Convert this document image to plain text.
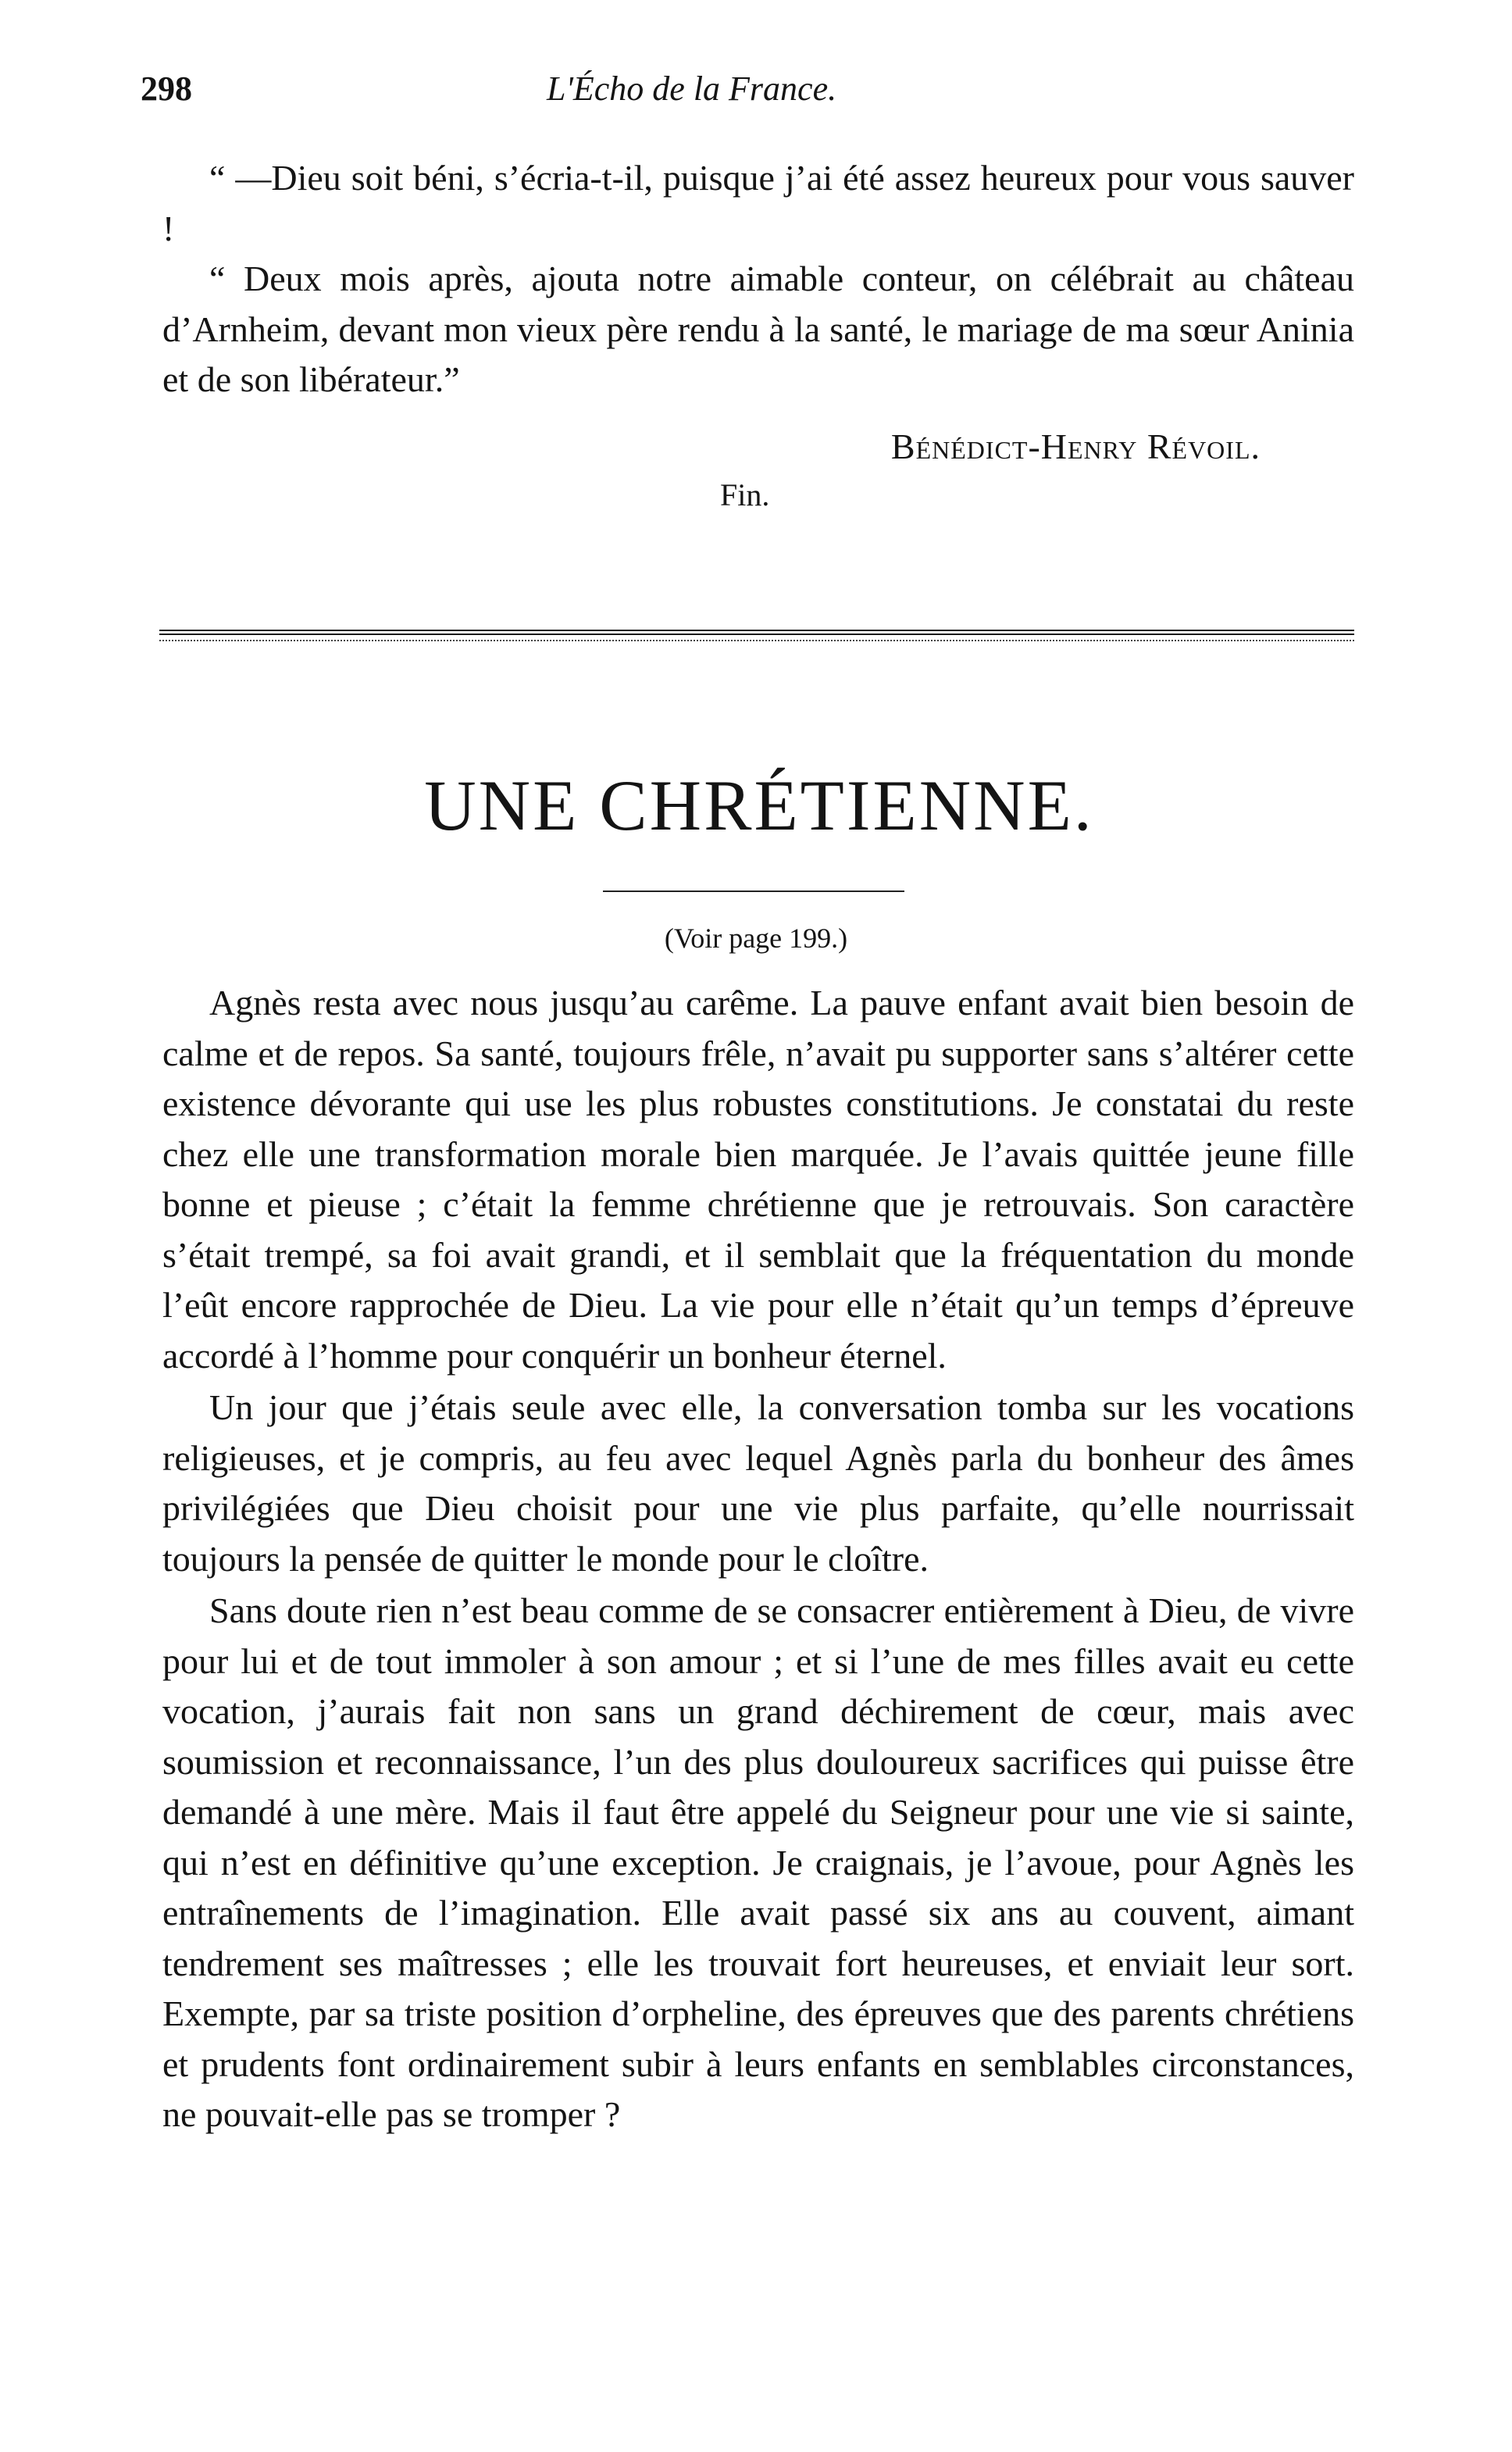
298	L'Écho de la France.

“ —Dieu soit béni, s’écria-t-il, puisque j’ai été assez heureux pour vous sauver !

“ Deux mois après, ajouta notre aimable conteur, on célébrait au château d’Arnheim, devant mon vieux père rendu à la santé, le mariage de ma sœur Aninia et de son libérateur.”

Bénédict-Henry Révoil.
Fin.
UNE CHRÉTIENNE.
(Voir page 199.)

Agnès resta avec nous jusqu’au carême. La pauve enfant avait bien besoin de calme et de repos. Sa santé, toujours frêle, n’avait pu supporter sans s’altérer cette existence dévorante qui use les plus robustes constitutions. Je constatai du reste chez elle une transformation morale bien marquée. Je l’avais quittée jeune fille bonne et pieuse ; c’était la femme chrétienne que je retrouvais. Son caractère s’était trempé, sa foi avait grandi, et il semblait que la fréquentation du monde l’eût encore rapprochée de Dieu. La vie pour elle n’était qu’un temps d’épreuve accordé à l’homme pour conquérir un bonheur éternel.

Un jour que j’étais seule avec elle, la conversation tomba sur les vocations religieuses, et je compris, au feu avec lequel Agnès parla du bonheur des âmes privilégiées que Dieu choisit pour une vie plus parfaite, qu’elle nourrissait toujours la pensée de quitter le monde pour le cloître.

Sans doute rien n’est beau comme de se consacrer entièrement à Dieu, de vivre pour lui et de tout immoler à son amour ; et si l’une de mes filles avait eu cette vocation, j’aurais fait non sans un grand déchirement de cœur, mais avec soumission et reconnaissance, l’un des plus douloureux sacrifices qui puisse être demandé à une mère. Mais il faut être appelé du Seigneur pour une vie si sainte, qui n’est en définitive qu’une exception. Je craignais, je l’avoue, pour Agnès les entraînements de l’imagination. Elle avait passé six ans au couvent, aimant tendrement ses maîtresses ; elle les trouvait fort heureuses, et enviait leur sort. Exempte, par sa triste position d’orpheline, des épreuves que des parents chrétiens et prudents font ordinairement subir à leurs enfants en semblables circonstances, ne pouvait-elle pas se tromper ?
